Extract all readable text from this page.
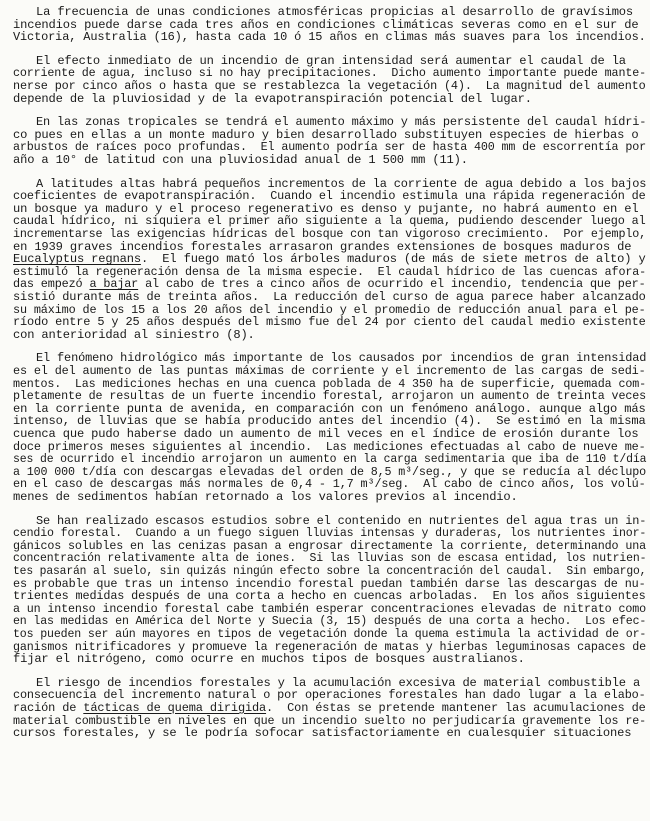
La frecuencia de unas condiciones atmosféricas propicias al desarrollo de gravísimos
incendios puede darse cada tres años en condiciones climáticas severas como en el sur de
Victoria, Australia (16), hasta cada 10 ó 15 años en climas más suaves para los incendios.
El efecto inmediato de un incendio de gran intensidad será aumentar el caudal de la
corriente de agua, incluso si no hay precipitaciones.  Dicho aumento importante puede mante-
nerse por cinco años o hasta que se restablezca la vegetación (4).  La magnitud del aumento
depende de la pluviosidad y de la evapotranspiración potencial del lugar.
En las zonas tropicales se tendrá el aumento máximo y más persistente del caudal hídri-
co pues en ellas a un monte maduro y bien desarrollado substituyen especies de hierbas o
arbustos de raíces poco profundas.  El aumento podría ser de hasta 400 mm de escorrentía por
año a 10° de latitud con una pluviosidad anual de 1 500 mm (11).
A latitudes altas habrá pequeños incrementos de la corriente de agua debido a los bajos
coeficientes de evapotranspiración.  Cuando el incendio estimula una rápida regeneración de
un bosque ya maduro y el proceso regenerativo es denso y pujante, no habrá aumento en el
caudal hídrico, ni siquiera el primer año siguiente a la quema, pudiendo descender luego al
incrementarse las exigencias hídricas del bosque con tan vigoroso crecimiento.  Por ejemplo,
en 1939 graves incendios forestales arrasaron grandes extensiones de bosques maduros de
Eucalyptus regnans.  El fuego mató los árboles maduros (de más de siete metros de alto) y
estimuló la regeneración densa de la misma especie.  El caudal hídrico de las cuencas afora-
das empezó a bajar al cabo de tres a cinco años de ocurrido el incendio, tendencia que per-
sistió durante más de treinta años.  La reducción del curso de agua parece haber alcanzado
su máximo de los 15 a los 20 años del incendio y el promedio de reducción anual para el pe-
ríodo entre 5 y 25 años después del mismo fue del 24 por ciento del caudal medio existente
con anterioridad al siniestro (8).
El fenómeno hidrológico más importante de los causados por incendios de gran intensidad
es el del aumento de las puntas máximas de corriente y el incremento de las cargas de sedi-
mentos.  Las mediciones hechas en una cuenca poblada de 4 350 ha de superficie, quemada com-
pletamente de resultas de un fuerte incendio forestal, arrojaron un aumento de treinta veces
en la corriente punta de avenida, en comparación con un fenómeno análogo. aunque algo más
intenso, de lluvias que se había producido antes del incendio (4).  Se estimó en la misma
cuenca que pudo haberse dado un aumento de mil veces en el índice de erosión durante los
doce primeros meses siguientes al incendio.  Las mediciones efectuadas al cabo de nueve me-
ses de ocurrido el incendio arrojaron un aumento en la carga sedimentaria que iba de 110 t/día
a 100 000 t/día con descargas elevadas del orden de 8,5 m³/seg., y que se reducía al déclupo
en el caso de descargas más normales de 0,4 - 1,7 m³/seg.  Al cabo de cinco años, los volú-
menes de sedimentos habían retornado a los valores previos al incendio.
Se han realizado escasos estudios sobre el contenido en nutrientes del agua tras un in-
cendio forestal.  Cuando a un fuego siguen lluvias intensas y duraderas, los nutrientes inor-
gánicos solubles en las cenizas pasan a engrosar directamente la corriente, determinando una
concentración relativamente alta de iones.  Si las lluvias son de escasa entidad, los nutrien-
tes pasarán al suelo, sin quizás ningún efecto sobre la concentración del caudal.  Sin embargo,
es probable que tras un intenso incendio forestal puedan también darse las descargas de nu-
trientes medidas después de una corta a hecho en cuencas arboladas.  En los años siguientes
a un intenso incendio forestal cabe también esperar concentraciones elevadas de nitrato como
en las medidas en América del Norte y Suecia (3, 15) después de una corta a hecho.  Los efec-
tos pueden ser aún mayores en tipos de vegetación donde la quema estimula la actividad de or-
ganismos nitrificadores y promueve la regeneración de matas y hierbas leguminosas capaces de
fijar el nitrógeno, como ocurre en muchos tipos de bosques australianos.
El riesgo de incendios forestales y la acumulación excesiva de material combustible a
consecuencia del incremento natural o por operaciones forestales han dado lugar a la elabo-
ración de tácticas de quema dirigida.  Con éstas se pretende mantener las acumulaciones de
material combustible en niveles en que un incendio suelto no perjudicaría gravemente los re-
cursos forestales, y se le podría sofocar satisfactoriamente en cualesquier situaciones
